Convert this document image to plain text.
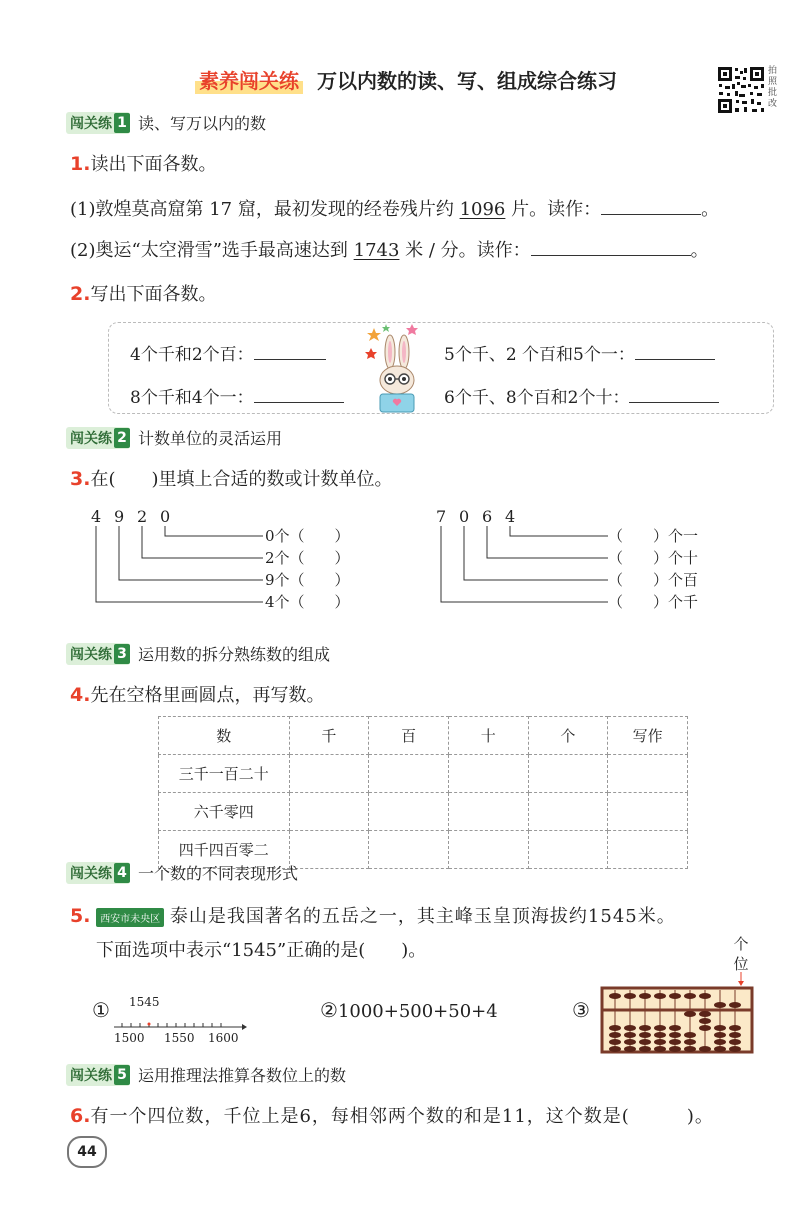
素养闯关练 万以内数的读、写、组成综合练习	拍照批改
闯关练 1 读、写万以内的数
1.读出下面各数。
(1)敦煌莫高窟第 17 窟，最初发现的经卷残片约 1096 片。读作：	。
(2)奥运“太空滑雪”选手最高速达到 1743 米 / 分。读作：	。
2.写出下面各数。
4个千和2个百：	5个千、2 个百和5个一：
8个千和4个一：	6个千、8个百和2个十：
闯关练 2 计数单位的灵活运用
3.在(　　)里填上合适的数或计数单位。
4 9 2 0
0个（　　）
2个（　　）
9个（　　）
4个（　　）
7 0 6 4
（　　）个一
（　　）个十
（　　）个百
（　　）个千
闯关练 3 运用数的拆分熟练数的组成
4.先在空格里画圆点，再写数。
数	千	百	十	个	写作
三千一百二十					
六千零四					
四千四百零二					
闯关练 4 一个数的不同表现形式
5. 西安市未央区 泰山是我国著名的五岳之一，其主峰玉皇顶海拔约1545米。
下面选项中表示“1545”正确的是(　　)。
① 1545
1500 1550 1600
②1000+500+50+4	③
个
位
闯关练 5 运用推理法推算各数位上的数
6.有一个四位数，千位上是6，每相邻两个数的和是11，这个数是(　　　)。
44
